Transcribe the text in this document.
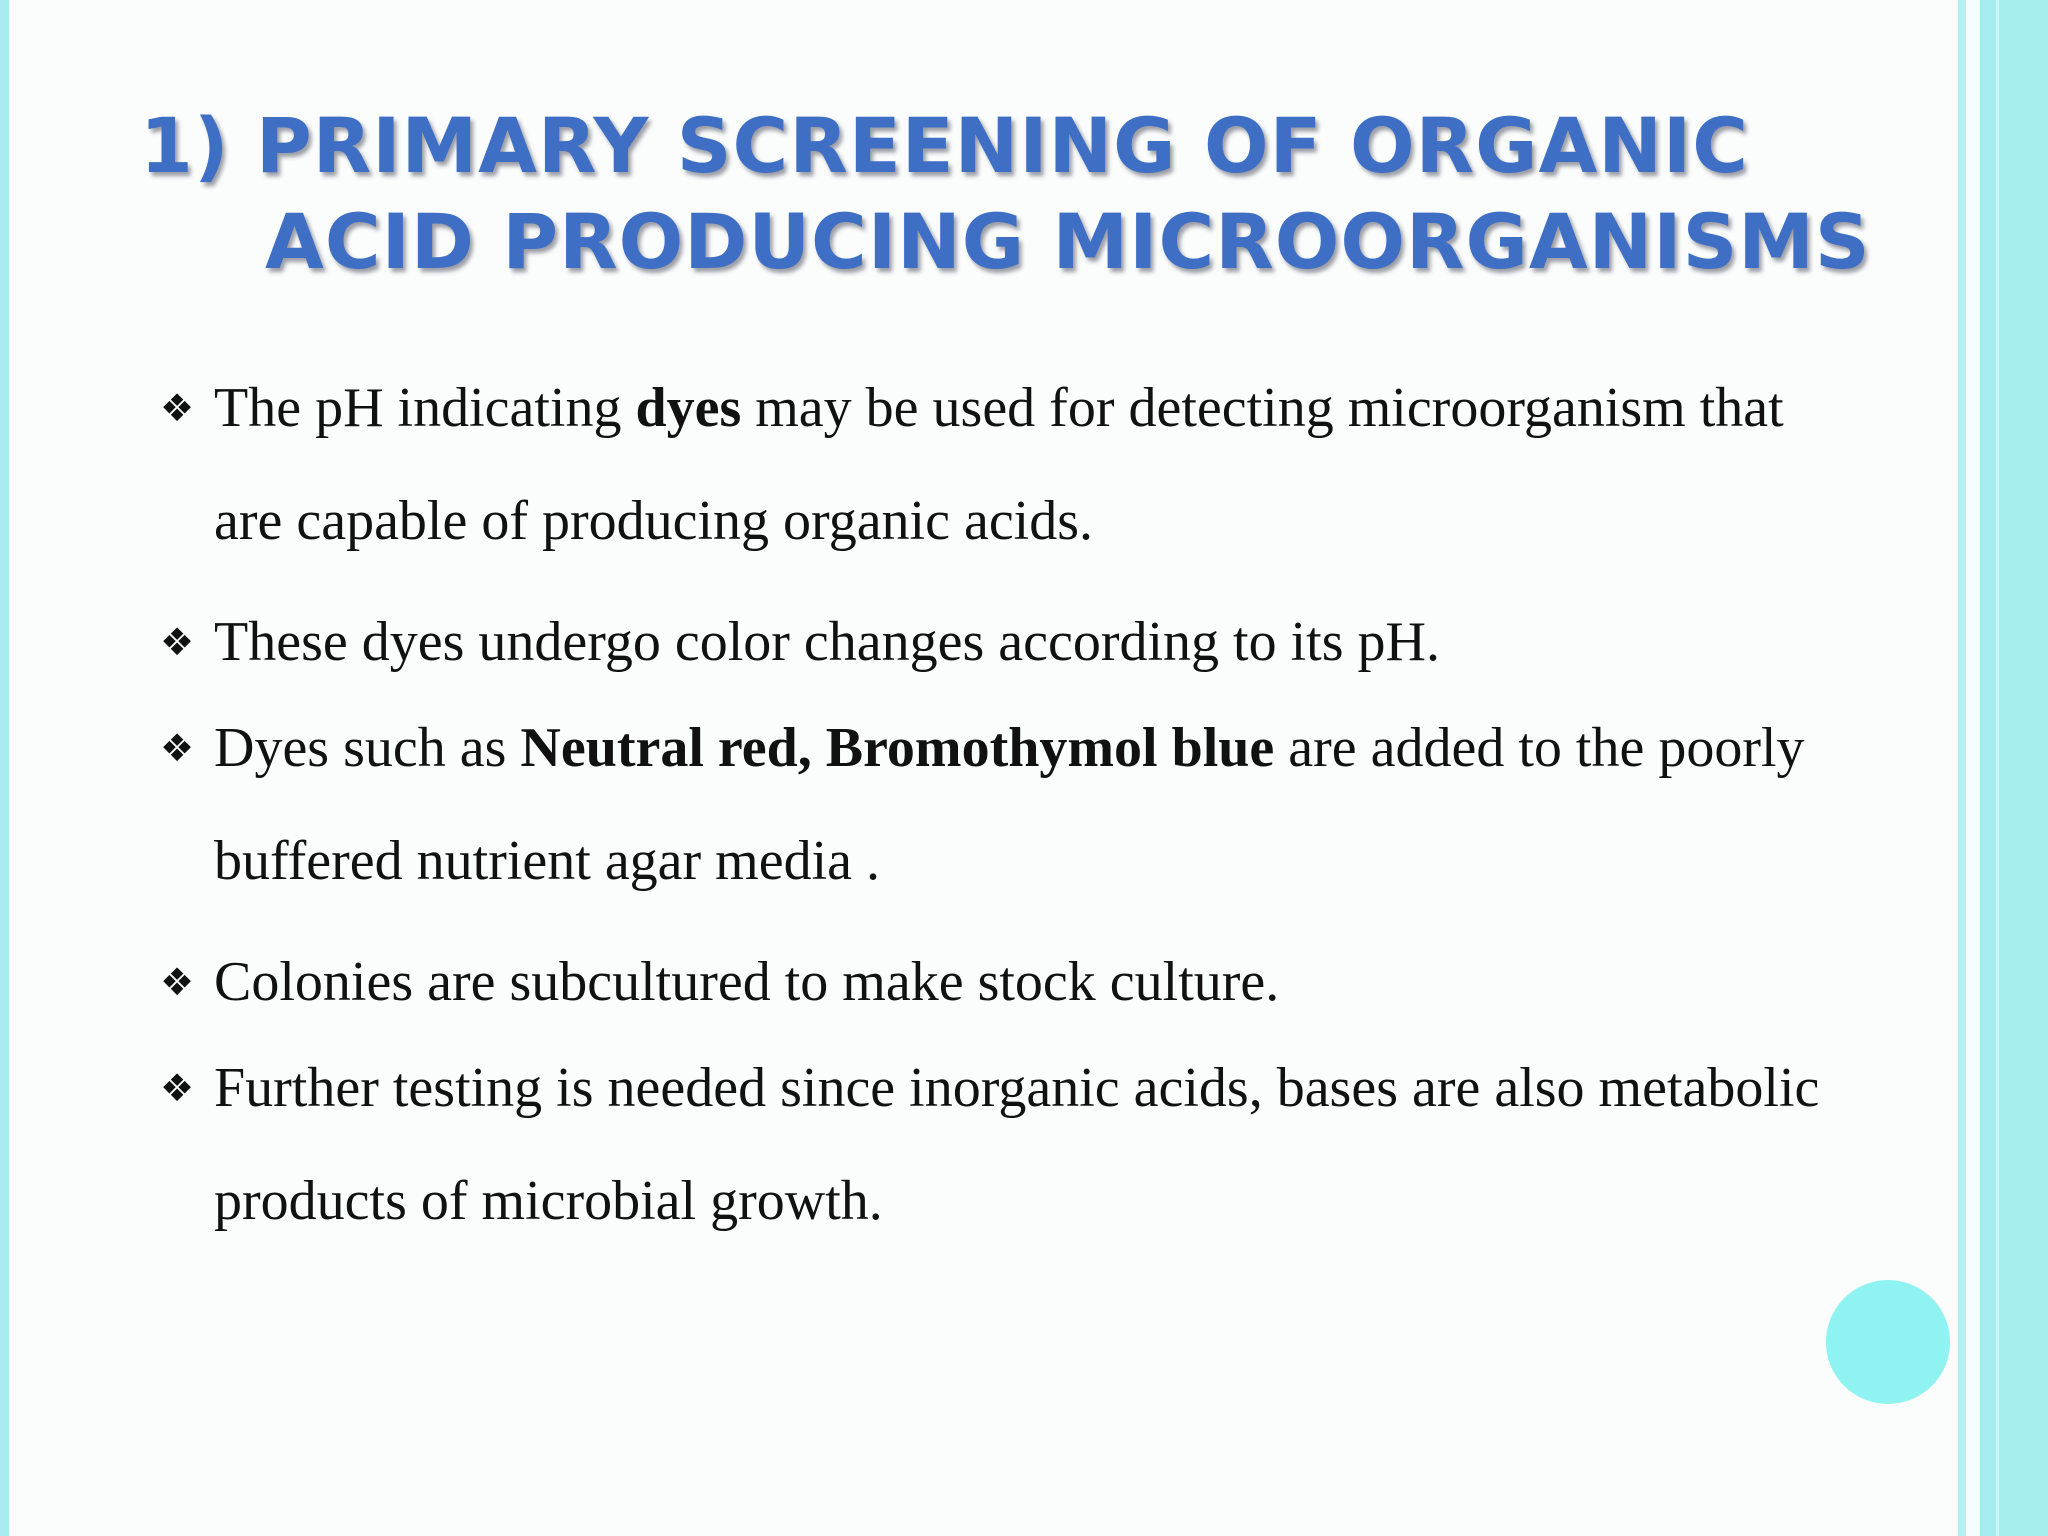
1) PRIMARY SCREENING OF ORGANIC
ACID PRODUCING MICROORGANISMS
❖ The pH indicating dyes may be used for detecting microorganism that are capable of producing organic acids.
❖ These dyes undergo color changes according to its pH.
❖ Dyes such as Neutral red, Bromothymol blue are added to the poorly buffered nutrient agar media .
❖ Colonies are subcultured to make stock culture.
❖ Further testing is needed since inorganic acids, bases are also metabolic products of microbial growth.
